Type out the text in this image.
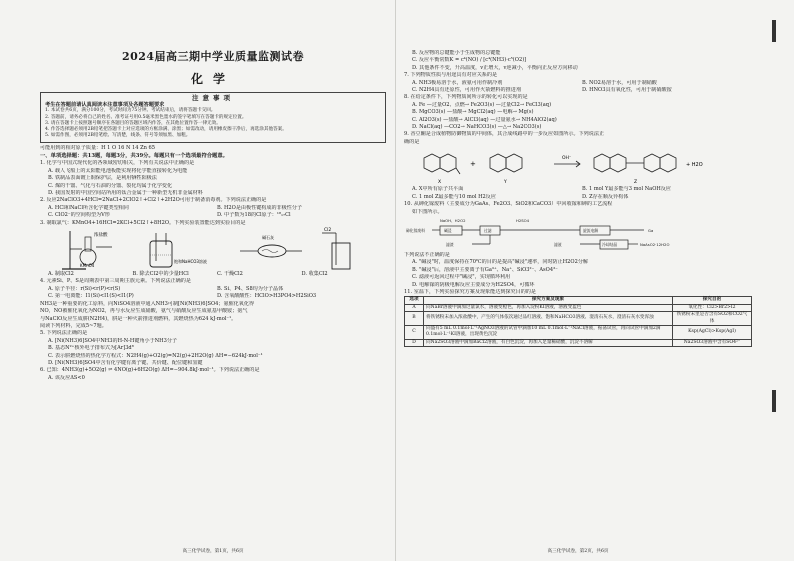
2024届高三期中学业质量监测试卷
化学
注意事项
考生在答题前请认真阅读本注意事项及各题答题要求
1. 本试卷共6页，满分100分，考试时间为75分钟。考试结束后，请将答题卡交回。
2. 答题前，请务必将自己的姓名、准考证号用0.5毫米黑色墨水的签字笔填写在答题卡的规定位置。
3. 请在答题卡上按照题号顺序在各题目的答题区域内作答，在其他位置作答一律无效。
4. 作答选择题必须用2B铅笔把答题卡上对应选项的方框涂满、涂黑；如需改动，请用橡皮擦干净后，再选涂其他答案。
5. 如需作图，必须用2B铅笔绘、写清楚，线条、符号等须加黑、加粗。
可能用到的相对原子质量：H 1 O 16 N 14 Zn 65
一、单项选择题：共13题，每题3分，共39分。每题只有一个选项最符合题意。
1. 化学与中国式现代化的各领域密切相关，下列有关说法中正确的是
A. 载人飞船上的太阳能电池板能实现将化学能直接转化为电能
B. 铁制品表面镀上铜保护层，是利用牺牲阳极法
C. 煤的干馏、气化与石油的分馏、裂化均属于化学变化
D. 我国发射的中国空间站所用的钛合金属于一种新型无机非金属材料
2. 反应2NaClO3+4HCl=2NaCl+2ClO2↑+Cl2↑+2H2O可用于制备消毒剂。下列说法正确的是
A. HCl和NaCl所含化学键类型相同	B. H2O是由极性键构成的非极性分子
C. ClO2⁻的空间构型为V形	D. 中子数为18的Cl原子：¹⁸₁₇Cl
3. 制取氯气：KMnO4+16HCl=2KCl+5Cl2↑+8H2O。下列实验装置能达到实验目的是
浓盐酸
KMnO4
饱和NaHCO3溶液
碱石灰
Cl2
A. 制取Cl2	B. 除去Cl2中的少量HCl	C. 干燥Cl2	D. 收集Cl2
4. 元素Si、P、S是周期表中第三周期主族元素。下列说法正确的是
A. 原子半径：r(Si)<r(P)<r(S)	B. Si、P4、S8均为分子晶体
C. 第一电离能：I1(Si)<I1(S)<I1(P)	D. 含氧酸酸性：HClO>H3PO4>H2SiO3
NH3是一种重要的化工原料，向NiSO4溶液中通入NH3可制[Ni(NH3)6]SO4；氨催化氧化得
NO，NO被催化氧化为NO2，再与水反应生成硝酸，氨气与硝酸反应生成氨基甲酸铵；氨气
与NaClO反应生成肼(N2H4)，肼是一种火箭推进剂燃料，其燃烧热为624 kJ·mol⁻¹。
阅读下列材料，完成5~7题。
5. 下列说法正确的是
A. [Ni(NH3)6]SO4中NH3的H-N-H键角小于NH3分子
B. 基态N²⁺核外电子排布式为[Ar]3d⁸
C. 表示肼燃烧热的热化学方程式：N2H4(g)+O2(g)=N2(g)+2H2O(g) ΔH=−624kJ·mol⁻¹
D. [Ni(NH3)6]SO4中含有化学键有离子键、共价键、配位键和氢键
6. 已知：4NH3(g)+5O2(g) ⇌ 4NO(g)+6H2O(g) ΔH=−904.8kJ·mol⁻¹。下列说法正确的是
A. 该反应ΔS<0
高三化学试卷，第1页，共6页
B. 反应物的总键能小于生成物的总键能
C. 反应平衡常数K = c⁴(NO) / [c⁴(NH3)·c⁵(O2)]
D. 其他条件不变，升高温度，v正增大，v逆减小，平衡向正反应方向移动
7. 下列物质性质与用途具有对应关系的是
A. NH3极易溶于水，液氨可用作制冷剂	B. NO2易溶于水，可用于制硝酸
C. N2H4具有还原性，可用作火箭燃料的推进剂	D. HNO3具有氧化性，可用于制硝酸铵
8. 在给定条件下，下列物质间所示的转化可以实现的是
A. Fe —过量O2、点燃→ Fe2O3(s) —过量Cl2→ FeCl3(aq)
B. MgCO3(s) —盐酸→ MgCl2(aq) —电解→ Mg(s)
C. Al2O3(s) —盐酸→ AlCl3(aq) —过量氨水→ NH4AlO2(aq)
D. NaCl(aq) —CO2→ NaHCO3(s) —△→ Na2CO3(s)
9. 香豆酮是合成植物防御物质的中间体，其合成线路中的一步反应如图所示。下列说法正
确的是
+
OH⁻
+ H2O
X	Y	Z
A. X中所有原子共平面	B. 1 mol Y最多能与3 mol NaOH反应
C. 1 mol Z最多能与10 mol H2反应	D. Z存在顺反异构体
10. 从砷化镓废料（主要成分为GaAs、Fe2O3、SiO2和CaCO3）中回收镓和砷的工艺流程
如下图所示。
砷化镓废料	碱浸
NaOH、H2O2
滤渣
过滤
H2SO4
旋流电解	Ga
滤液	冷却结晶	NaAsO2·12H2O
下列说法不正确的是
A. "碱浸"时，温度保持在70℃的目的是提高"碱浸"速率，同时防止H2O2分解
B. "碱浸"后，溶液中主要离子有Ga³⁺、Na⁺、SiO3²⁻、AsO4³⁻
C. 滤液可返回过程中"碱浸"，实现循环利用
D. 电解镓的阴极电解反应主要成分为H2SO4，可循环
11. 室温下，下列实验探究方案及现象能达到探究目的的是
选项	探究方案及现象	探究目的
A	向NaBr溶液中滴加过量氯水，溶液变橙色，再加入淀粉KI溶液，溶液变蓝色	氧化性：Cl2>Br2>I2
B	将铁锈粉末加入浓盐酸中，产生的气体依次通过品红溶液、饱和NaHCO3溶液、澄清石灰水，澄清石灰水变浑浊	铁锈粉末里是否含有SO2和CO2气体
C	向盛有5 mL 0.1mol·L⁻¹AgNO3溶液的试管中滴加10 mL 0.1mol·L⁻¹NaCl溶液，振荡试管，再向试管中滴加2滴0.1mol·L⁻¹KI溶液，出现黄色沉淀	Ksp(AgCl)>Ksp(AgI)
D	向Na2SO3溶液中滴加BaCl2溶液，有白色沉淀，再加入足量稀硝酸，沉淀不溶解	Na2SO3溶液中含有SO4²⁻
高三化学试卷，第2页，共6页
